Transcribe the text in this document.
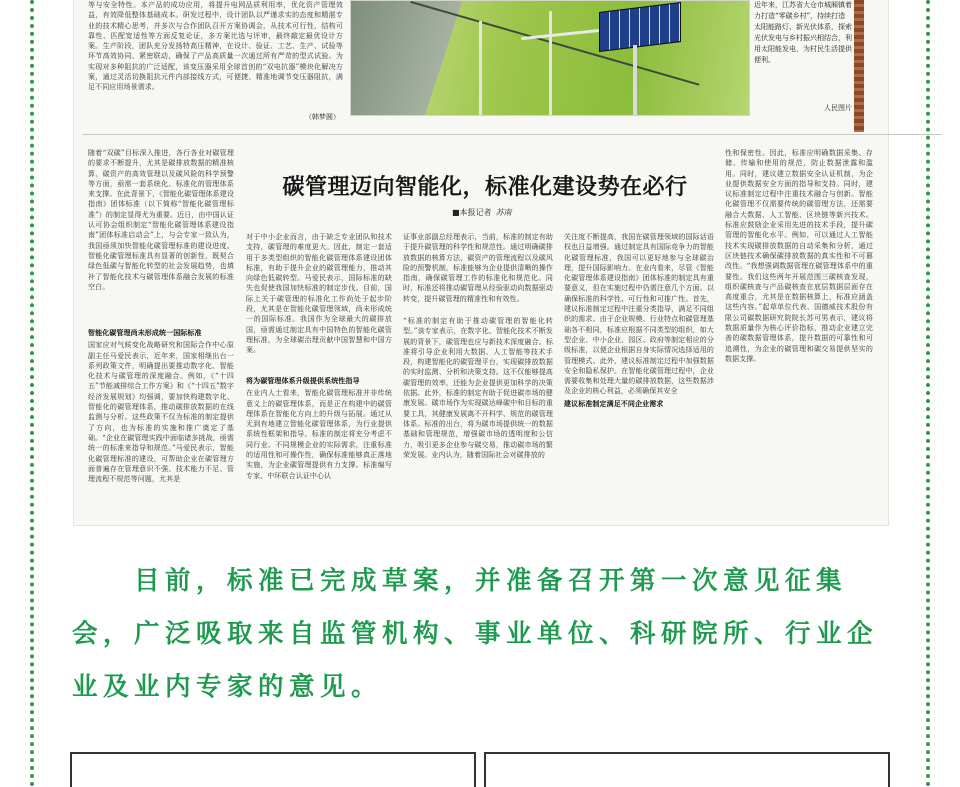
等与安全特性。本产品的成功应用，将提升电网品质利用率，优化资产管理效益，有效降低整体基础成本。研发过程中，设计团队以严谨求实的态度和精湛专业的技术精心思考，并多次与合作团队召开方案协调会，从技术可行性、结构可靠性、匹配宽适性等方面反复论证，多方案比选与评审，最终敲定最优设计方案。生产阶段，团队充分发扬特高压精神，在设计、验证、工艺、生产、试验等环节高效协同、紧密联动，确保了产品高质量一次通过所有严苛的型式试验。为实现对多种阻抗的广泛适配，该变压器采用全球首创的“双电抗器”模块化解决方案，通过灵活切换阻抗元件内部接线方式，可便捷、精准地调节变压器阻抗，满足不同应用场景需求。
（韩梦圆）
近年来，江苏省大仓市城厢镇着力打造“零碳乡村”，持续打造太阳能路灯、新光伏体系，探索光伏发电与乡村振兴相结合，利用太阳能发电，为村民生活提供便利。
人民图片
碳管理迈向智能化，标准化建设势在必行
■本报记者 苏南
随着“双碳”目标深入推进，各行各业对碳管理的要求不断提升，尤其是碳排放数据的精准核算、碳资产的高效管理以及碳风险的科学预警等方面，亟需一套系统化、标准化的管理体系来支撑。在此背景下，《智能化碳管理体系建设指南》团体标准（以下简称“智能化碳管理标准”）的制定显得尤为重要。近日，由中国认证认可协会组织制定“智能化碳管理体系建设指南”团体标准启动会”上，与会专家一致认为，我国亟须加快智能化碳管理标准的建设进度。智能化碳管理标准具有显著的创新性，既契合绿色低碳与智能化转型的社会发展趋势，也填补了智能化技术与碳管理体系融合发展的标准空白。
智能化碳管理尚未形成统一国际标准
国家应对气候变化战略研究和国际合作中心原副主任马爱民表示，近年来，国家相继出台一系列政策文件，明确提出要推动数字化、智能化技术与碳管理的深度融合。例如，《“十四五”节能减排综合工作方案》和《“十四五”数字经济发展规划》均强调，要加快构建数字化、智能化的碳管理体系，推动碳排放数据的在线监测与分析。这些政策不仅为标准的制定提供了方向，也为标准的实施和推广奠定了基础。“企业在碳管理实践中面临诸多挑战，亟需统一的标准来指导和规范。”马爱民表示，智能化碳管理标准的建设，可帮助企业在碳管理方面普遍存在管理意识不强、技术能力不足、管理流程不规范等问题，尤其是
对于中小企业而言，由于缺乏专业团队和技术支持，碳管理的难度更大。因此，制定一套适用于多类型组织的智能化碳管理体系建设团体标准，有助于提升企业的碳管理能力，推动其向绿色低碳转型。马爱民表示，国际标准的缺失也促使我国加快标准的制定步伐。目前，国际上关于碳管理的标准化工作尚处于起步阶段，尤其是在智能化碳管理领域，尚未形成统一的国际标准。我国作为全球最大的碳排放国，亟需通过制定具有中国特色的智能化碳管理标准，为全球碳治理贡献中国智慧和中国方案。
将为碳管理体系升级提供系统性指导
在业内人士看来，智能化碳管理标准并非传统意义上的碳管理体系，而是正在构建中的碳管理体系在智能化方向上的升级与拓展。通过从无到有地建立智能化碳管理体系，为行业提供系统性框架和指导。标准的制定将充分考虑不同行业、不同规模企业的实际需求，注重标准的适用性和可操作性，确保标准能够真正落地实施，为企业碳管理提供有力支撑。标准编写专家、中环联合认证中心认
证事业部副总经理表示，当前，标准的制定有助于提升碳管理的科学性和规范性。通过明确碳排放数据的核算方法、碳资产的管理流程以及碳风险的预警机制，标准能够为企业提供清晰的操作指南，确保碳管理工作的标准化和规范化。同时，标准还将推动碳管理从经验驱动向数据驱动转变，提升碳管理的精准性和有效性。
“标准的制定有助于推动碳管理的智能化转型。”该专家表示，在数字化、智能化技术不断发展的背景下，碳管理也应与新技术深度融合。标准将引导企业利用大数据、人工智能等技术手段，构建智能化的碳管理平台，实现碳排放数据的实时监测、分析和决策支持。这不仅能够提高碳管理的效率，还能为企业提供更加科学的决策依据。此外，标准的制定有助于促进碳市场的健康发展。碳市场作为实现碳达峰碳中和目标的重要工具，其健康发展离不开科学、规范的碳管理体系。标准的出台，将为碳市场提供统一的数据基础和管理规范，增强碳市场的透明度和公信力，吸引更多企业参与碳交易，推动碳市场的繁荣发展。业内认为，随着国际社会对碳排放的
关注度不断提高，我国在碳管理领域的国际话语权也日益增强。通过制定具有国际竞争力的智能化碳管理标准，我国可以更好地参与全球碳治理，提升国际影响力。在业内看来，尽管《智能化碳管理体系建设指南》团体标准的制定具有重要意义，但在实施过程中仍需注意几个方面。以确保标准的科学性、可行性和可推广性。首先，建议标准制定过程中注重分类指导，满足不同组织的需求。由于企业规模、行业特点和碳管理基础各不相同，标准应根据不同类型的组织，如大型企业、中小企业、园区、政府等制定相应的分级标准，以便企业根据自身实际情况选择适用的管理模式。此外，建议标准制定过程中加强数据安全和隐私保护。在智能化碳管理过程中，企业需要收集和处理大量的碳排放数据，这些数据涉及企业的核心利益，必须确保其安全
建议标准制定满足不同企业需求
性和保密性。因此，标准应明确数据采集、存储、传输和使用的规范，防止数据泄露和滥用。同时，建议建立数据安全认证机制，为企业提供数据安全方面的指导和支持。同时，建议标准制定过程中注重技术融合与创新。智能化碳管理不仅需要传统的碳管理方法，还需要融合大数据、人工智能、区块链等新兴技术。标准应鼓励企业采用先进的技术手段，提升碳管理的智能化水平。例如，可以通过人工智能技术实现碳排放数据的自动采集和分析，通过区块链技术确保碳排放数据的真实性和不可篡改性。“我想强调数据管理在碳管理体系中的重要性。我们这些两年开展范围三碳核查发现，组织碳核查与产品碳核查在底层数据层面存在高度重合，尤其是在数据核算上，标准应涵盖这些内容。”起草单位代表、国德威技术股份有限公司碳数据研究院院长苏可男表示，建议将数据质量作为核心评价指标，推动企业建立完善的碳数据管理体系，提升数据的可靠性和可追溯性，为企业的碳管理和碳交易提供坚实的数据支撑。
目前，标准已完成草案，并准备召开第一次意见征集会，广泛吸取来自监管机构、事业单位、科研院所、行业企业及业内专家的意见。
